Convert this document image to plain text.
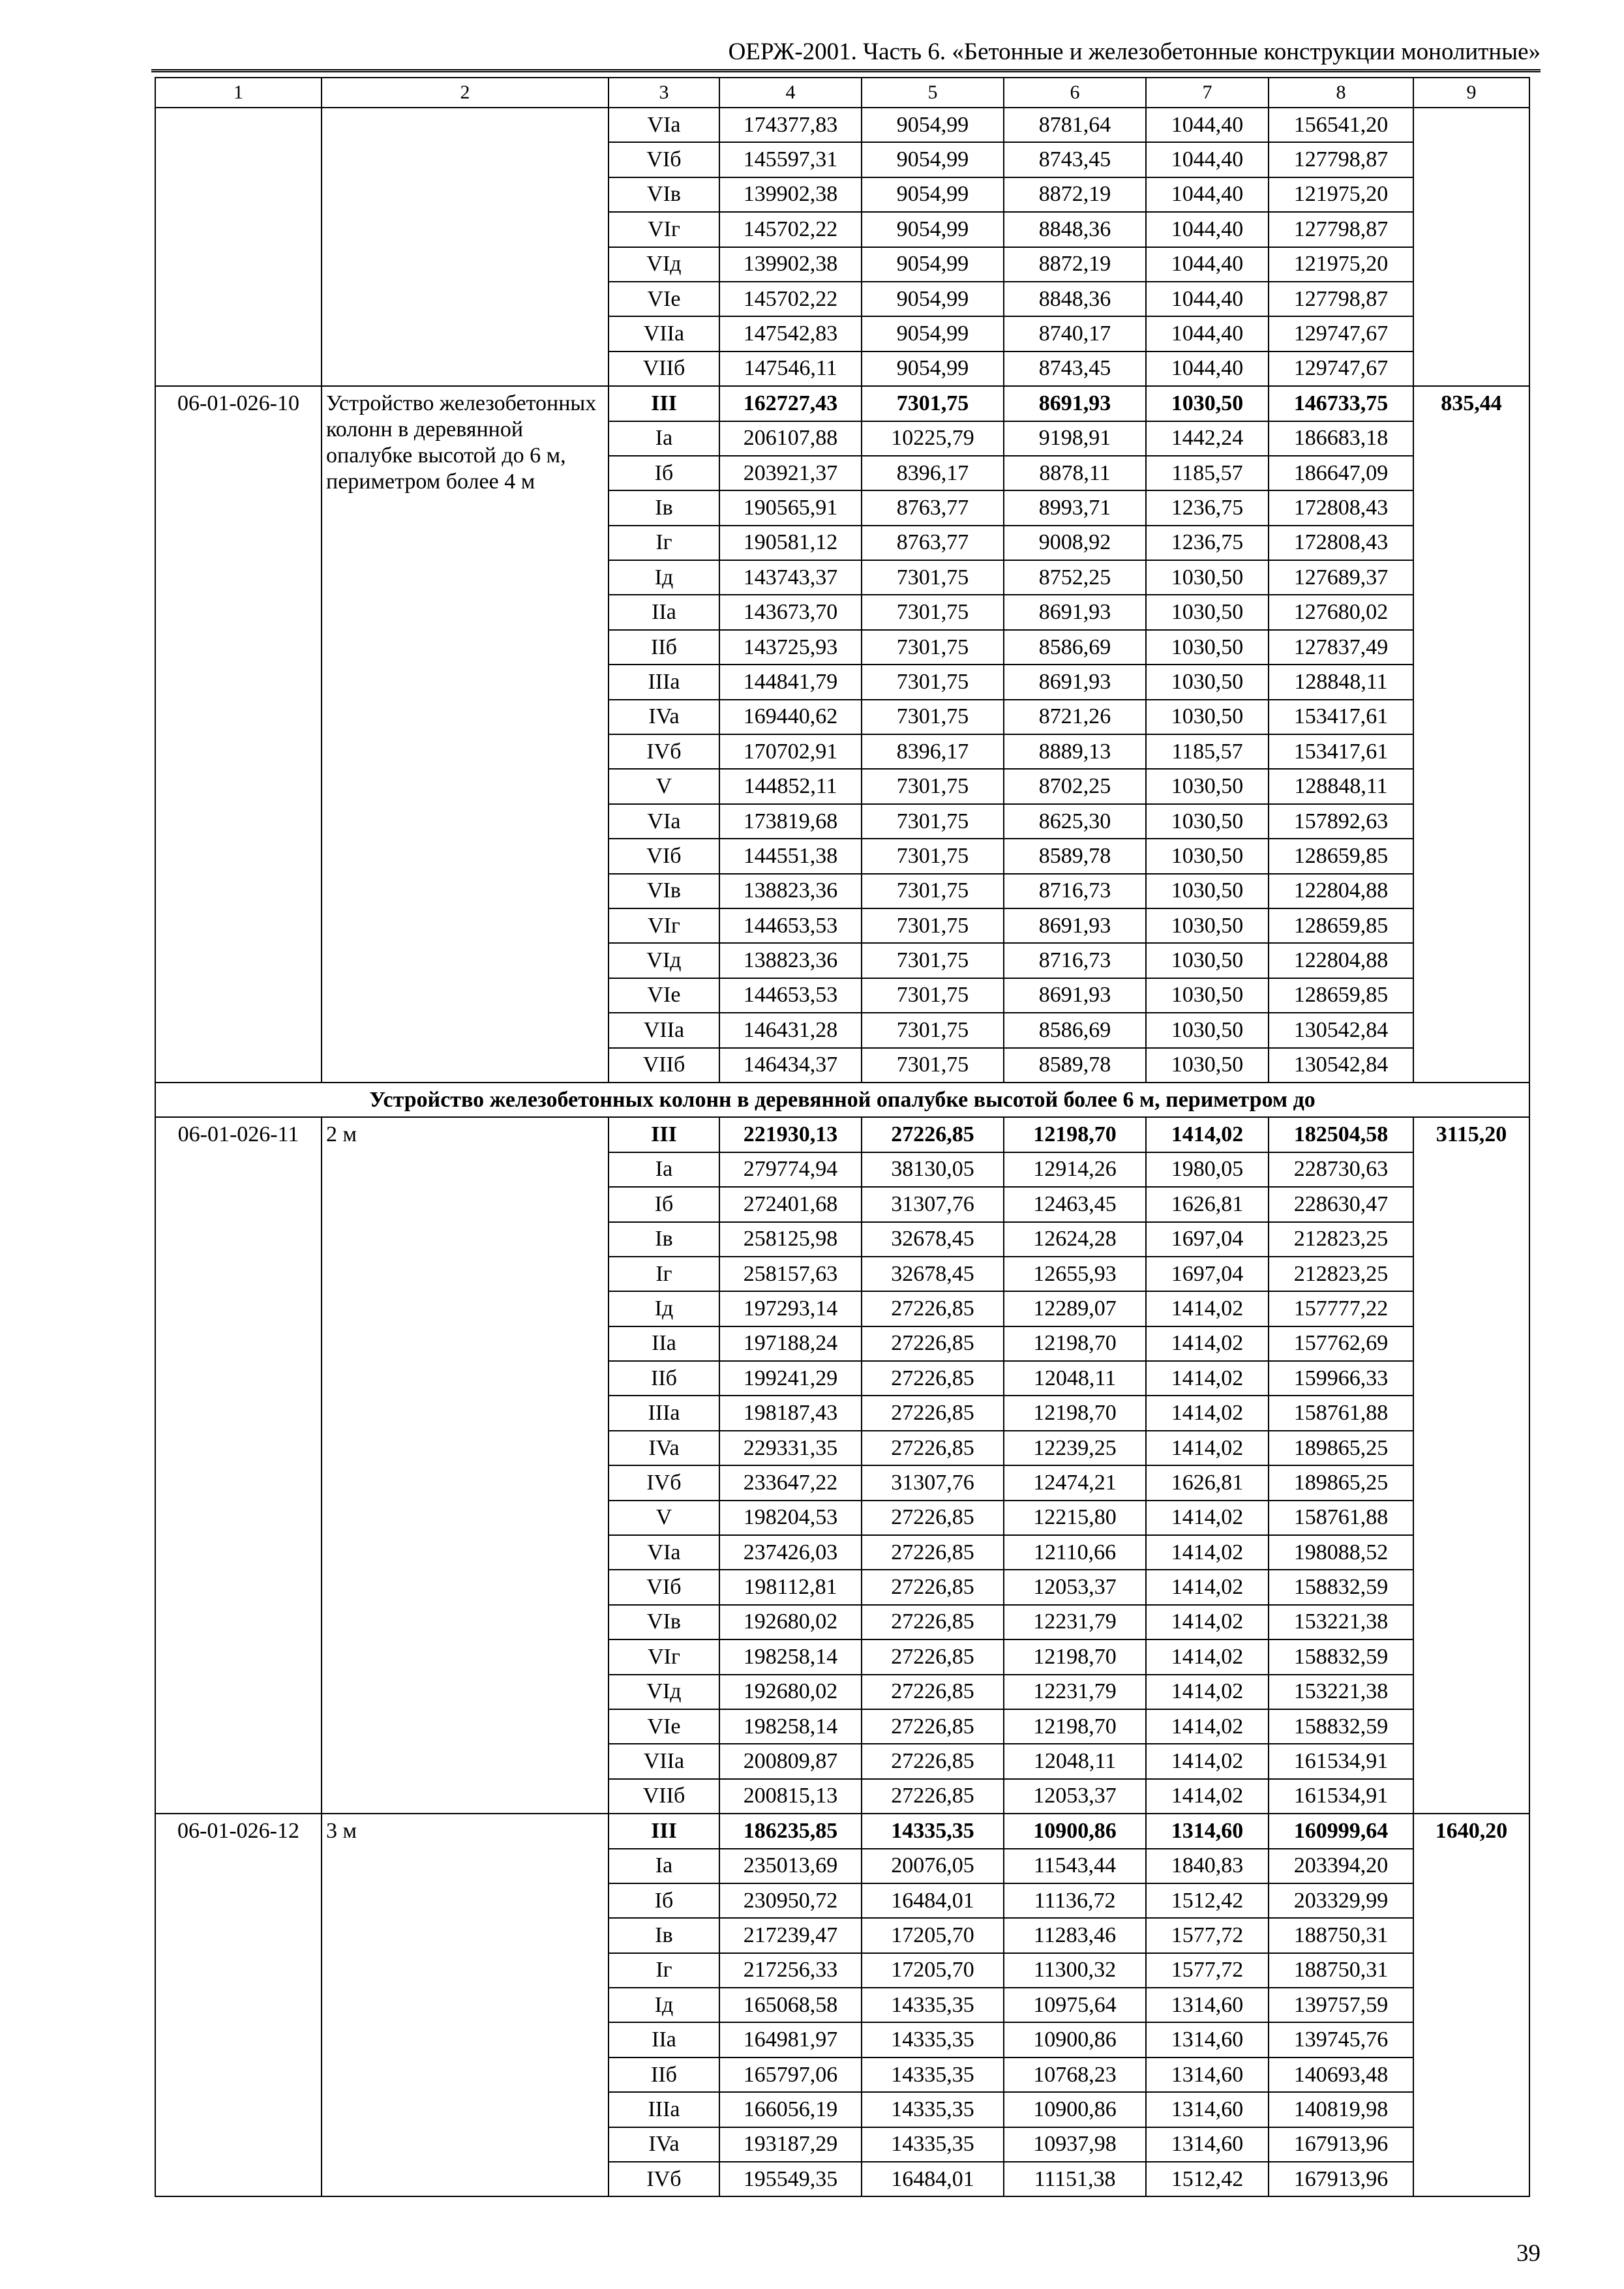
ОЕРЖ-2001. Часть 6. «Бетонные и железобетонные конструкции монолитные»
1	2	3	4	5	6	7	8	9
		VIa	174377,83	9054,99	8781,64	1044,40	156541,20	
		VIб	145597,31	9054,99	8743,45	1044,40	127798,87	
		VIв	139902,38	9054,99	8872,19	1044,40	121975,20	
		VIг	145702,22	9054,99	8848,36	1044,40	127798,87	
		VIд	139902,38	9054,99	8872,19	1044,40	121975,20	
		VIe	145702,22	9054,99	8848,36	1044,40	127798,87	
		VIIa	147542,83	9054,99	8740,17	1044,40	129747,67	
		VIIб	147546,11	9054,99	8743,45	1044,40	129747,67	
06-01-026-10	Устройство железобетонных колонн в деревянной опалубке высотой до 6 м, периметром более 4 м	III	162727,43	7301,75	8691,93	1030,50	146733,75	835,44
		Ia	206107,88	10225,79	9198,91	1442,24	186683,18	
		Iб	203921,37	8396,17	8878,11	1185,57	186647,09	
		Iв	190565,91	8763,77	8993,71	1236,75	172808,43	
		Iг	190581,12	8763,77	9008,92	1236,75	172808,43	
		Iд	143743,37	7301,75	8752,25	1030,50	127689,37	
		IIa	143673,70	7301,75	8691,93	1030,50	127680,02	
		IIб	143725,93	7301,75	8586,69	1030,50	127837,49	
		IIIa	144841,79	7301,75	8691,93	1030,50	128848,11	
		IVa	169440,62	7301,75	8721,26	1030,50	153417,61	
		IVб	170702,91	8396,17	8889,13	1185,57	153417,61	
		V	144852,11	7301,75	8702,25	1030,50	128848,11	
		VIa	173819,68	7301,75	8625,30	1030,50	157892,63	
		VIб	144551,38	7301,75	8589,78	1030,50	128659,85	
		VIв	138823,36	7301,75	8716,73	1030,50	122804,88	
		VIг	144653,53	7301,75	8691,93	1030,50	128659,85	
		VIд	138823,36	7301,75	8716,73	1030,50	122804,88	
		VIe	144653,53	7301,75	8691,93	1030,50	128659,85	
		VIIa	146431,28	7301,75	8586,69	1030,50	130542,84	
		VIIб	146434,37	7301,75	8589,78	1030,50	130542,84	
Устройство железобетонных колонн в деревянной опалубке высотой более 6 м, периметром до								
06-01-026-11	2 м	III	221930,13	27226,85	12198,70	1414,02	182504,58	3115,20
		Ia	279774,94	38130,05	12914,26	1980,05	228730,63	
		Iб	272401,68	31307,76	12463,45	1626,81	228630,47	
		Iв	258125,98	32678,45	12624,28	1697,04	212823,25	
		Iг	258157,63	32678,45	12655,93	1697,04	212823,25	
		Iд	197293,14	27226,85	12289,07	1414,02	157777,22	
		IIa	197188,24	27226,85	12198,70	1414,02	157762,69	
		IIб	199241,29	27226,85	12048,11	1414,02	159966,33	
		IIIa	198187,43	27226,85	12198,70	1414,02	158761,88	
		IVa	229331,35	27226,85	12239,25	1414,02	189865,25	
		IVб	233647,22	31307,76	12474,21	1626,81	189865,25	
		V	198204,53	27226,85	12215,80	1414,02	158761,88	
		VIa	237426,03	27226,85	12110,66	1414,02	198088,52	
		VIб	198112,81	27226,85	12053,37	1414,02	158832,59	
		VIв	192680,02	27226,85	12231,79	1414,02	153221,38	
		VIг	198258,14	27226,85	12198,70	1414,02	158832,59	
		VIд	192680,02	27226,85	12231,79	1414,02	153221,38	
		VIe	198258,14	27226,85	12198,70	1414,02	158832,59	
		VIIa	200809,87	27226,85	12048,11	1414,02	161534,91	
		VIIб	200815,13	27226,85	12053,37	1414,02	161534,91	
06-01-026-12	3 м	III	186235,85	14335,35	10900,86	1314,60	160999,64	1640,20
		Ia	235013,69	20076,05	11543,44	1840,83	203394,20	
		Iб	230950,72	16484,01	11136,72	1512,42	203329,99	
		Iв	217239,47	17205,70	11283,46	1577,72	188750,31	
		Iг	217256,33	17205,70	11300,32	1577,72	188750,31	
		Iд	165068,58	14335,35	10975,64	1314,60	139757,59	
		IIa	164981,97	14335,35	10900,86	1314,60	139745,76	
		IIб	165797,06	14335,35	10768,23	1314,60	140693,48	
		IIIa	166056,19	14335,35	10900,86	1314,60	140819,98	
		IVa	193187,29	14335,35	10937,98	1314,60	167913,96	
		IVб	195549,35	16484,01	11151,38	1512,42	167913,96	
39
